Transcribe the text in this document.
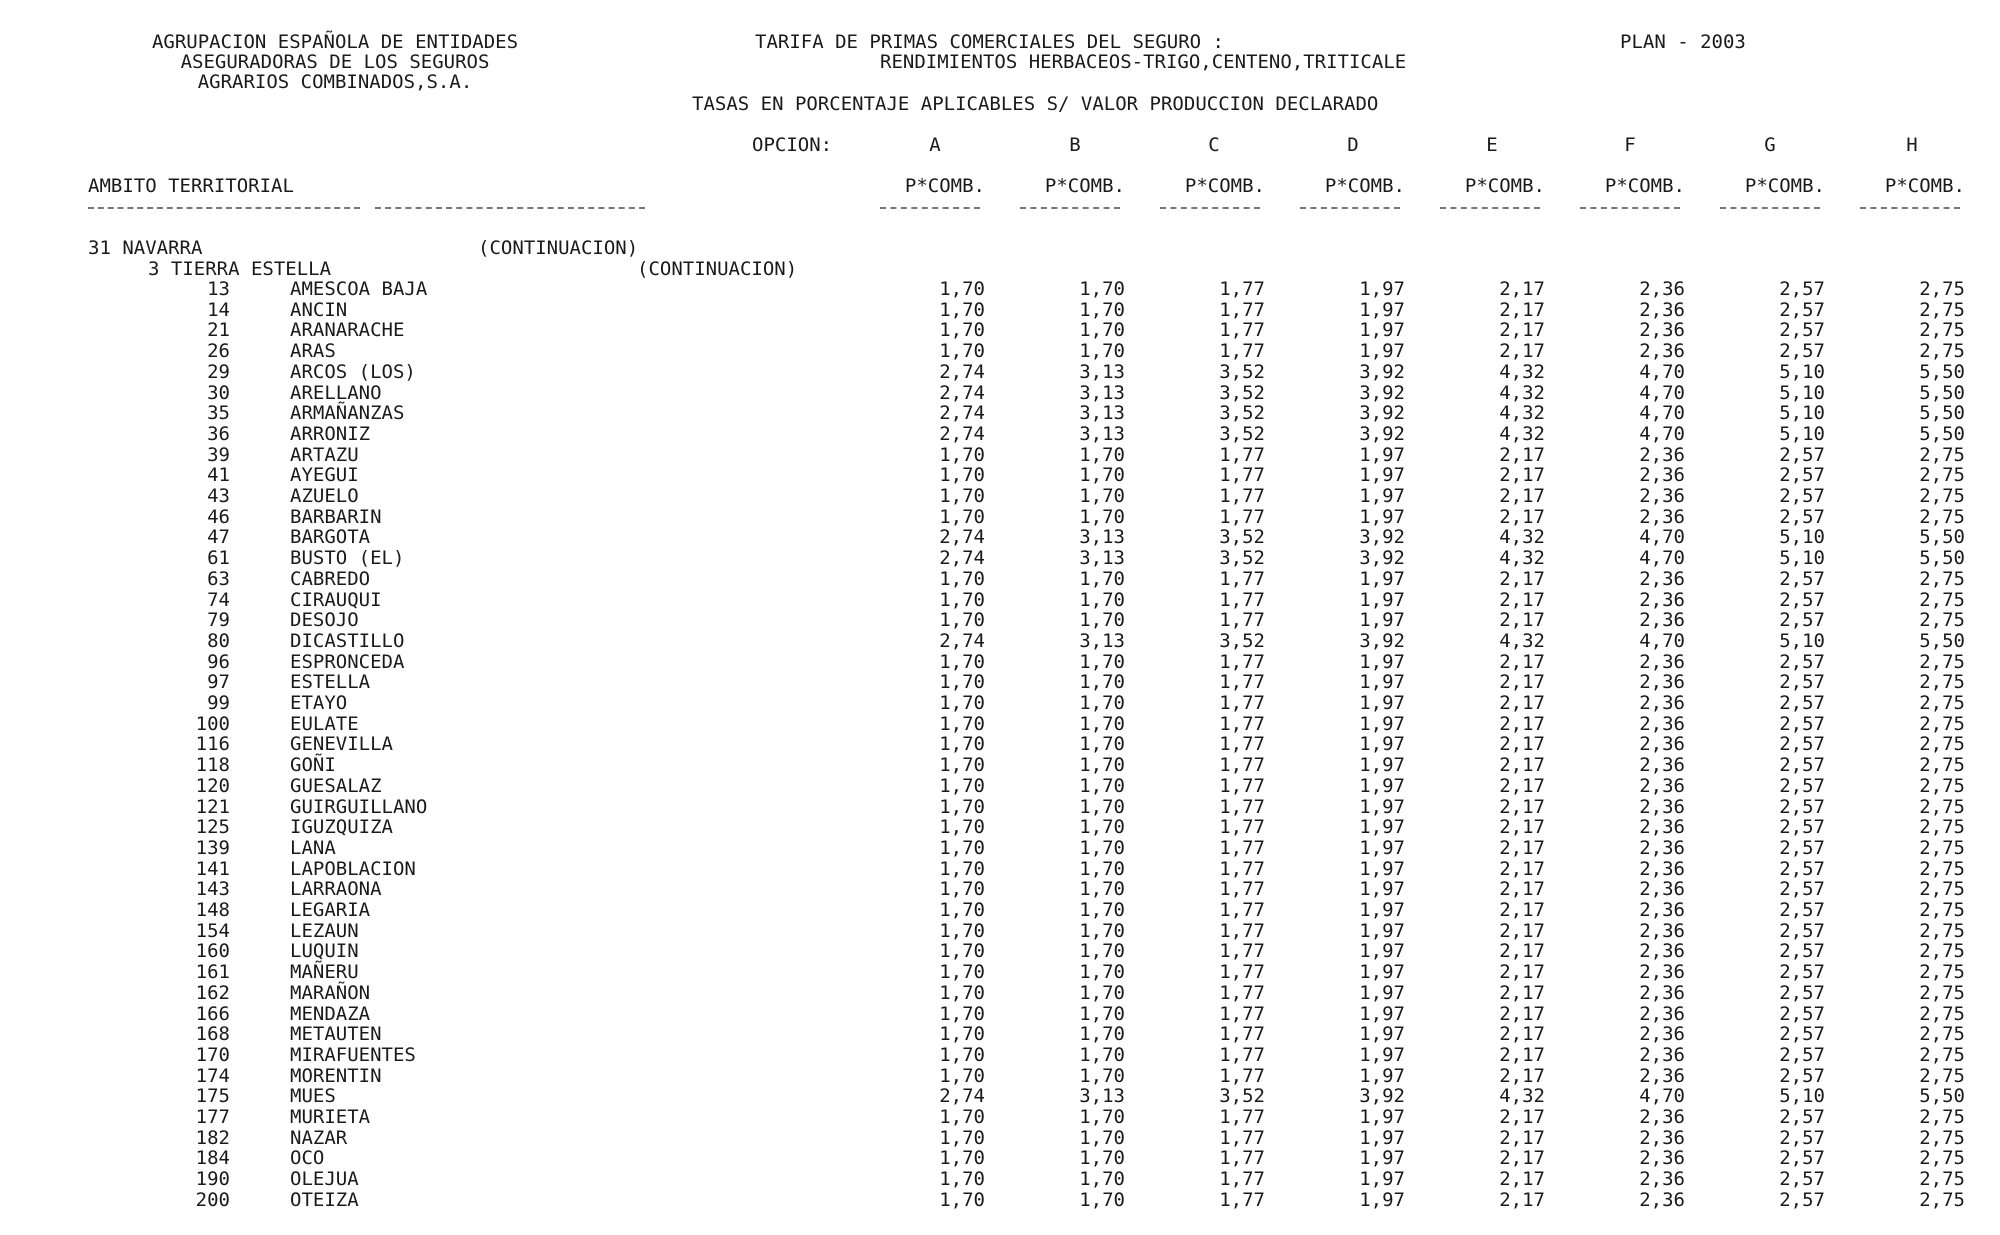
AGRUPACION ESPAÑOLA DE ENTIDADES
ASEGURADORAS DE LOS SEGUROS
AGRARIOS COMBINADOS,S.A.
TARIFA DE PRIMAS COMERCIALES DEL SEGURO :
RENDIMIENTOS HERBACEOS-TRIGO,CENTENO,TRITICALE
PLAN - 2003
TASAS EN PORCENTAJE APLICABLES S/ VALOR PRODUCCION DECLARADO
OPCION:	A	B	C	D	E	F	G	H
AMBITO TERRITORIAL	P*COMB.	P*COMB.	P*COMB.	P*COMB.	P*COMB.	P*COMB.	P*COMB.	P*COMB.
31 NAVARRA	(CONTINUACION)
3 TIERRA ESTELLA	(CONTINUACION)
13	AMESCOA BAJA	1,70	1,70	1,77	1,97	2,17	2,36	2,57	2,75
14	ANCIN	1,70	1,70	1,77	1,97	2,17	2,36	2,57	2,75
21	ARANARACHE	1,70	1,70	1,77	1,97	2,17	2,36	2,57	2,75
26	ARAS	1,70	1,70	1,77	1,97	2,17	2,36	2,57	2,75
29	ARCOS (LOS)	2,74	3,13	3,52	3,92	4,32	4,70	5,10	5,50
30	ARELLANO	2,74	3,13	3,52	3,92	4,32	4,70	5,10	5,50
35	ARMAÑANZAS	2,74	3,13	3,52	3,92	4,32	4,70	5,10	5,50
36	ARRONIZ	2,74	3,13	3,52	3,92	4,32	4,70	5,10	5,50
39	ARTAZU	1,70	1,70	1,77	1,97	2,17	2,36	2,57	2,75
41	AYEGUI	1,70	1,70	1,77	1,97	2,17	2,36	2,57	2,75
43	AZUELO	1,70	1,70	1,77	1,97	2,17	2,36	2,57	2,75
46	BARBARIN	1,70	1,70	1,77	1,97	2,17	2,36	2,57	2,75
47	BARGOTA	2,74	3,13	3,52	3,92	4,32	4,70	5,10	5,50
61	BUSTO (EL)	2,74	3,13	3,52	3,92	4,32	4,70	5,10	5,50
63	CABREDO	1,70	1,70	1,77	1,97	2,17	2,36	2,57	2,75
74	CIRAUQUI	1,70	1,70	1,77	1,97	2,17	2,36	2,57	2,75
79	DESOJO	1,70	1,70	1,77	1,97	2,17	2,36	2,57	2,75
80	DICASTILLO	2,74	3,13	3,52	3,92	4,32	4,70	5,10	5,50
96	ESPRONCEDA	1,70	1,70	1,77	1,97	2,17	2,36	2,57	2,75
97	ESTELLA	1,70	1,70	1,77	1,97	2,17	2,36	2,57	2,75
99	ETAYO	1,70	1,70	1,77	1,97	2,17	2,36	2,57	2,75
100	EULATE	1,70	1,70	1,77	1,97	2,17	2,36	2,57	2,75
116	GENEVILLA	1,70	1,70	1,77	1,97	2,17	2,36	2,57	2,75
118	GOÑI	1,70	1,70	1,77	1,97	2,17	2,36	2,57	2,75
120	GUESALAZ	1,70	1,70	1,77	1,97	2,17	2,36	2,57	2,75
121	GUIRGUILLANO	1,70	1,70	1,77	1,97	2,17	2,36	2,57	2,75
125	IGUZQUIZA	1,70	1,70	1,77	1,97	2,17	2,36	2,57	2,75
139	LANA	1,70	1,70	1,77	1,97	2,17	2,36	2,57	2,75
141	LAPOBLACION	1,70	1,70	1,77	1,97	2,17	2,36	2,57	2,75
143	LARRAONA	1,70	1,70	1,77	1,97	2,17	2,36	2,57	2,75
148	LEGARIA	1,70	1,70	1,77	1,97	2,17	2,36	2,57	2,75
154	LEZAUN	1,70	1,70	1,77	1,97	2,17	2,36	2,57	2,75
160	LUQUIN	1,70	1,70	1,77	1,97	2,17	2,36	2,57	2,75
161	MAÑERU	1,70	1,70	1,77	1,97	2,17	2,36	2,57	2,75
162	MARAÑON	1,70	1,70	1,77	1,97	2,17	2,36	2,57	2,75
166	MENDAZA	1,70	1,70	1,77	1,97	2,17	2,36	2,57	2,75
168	METAUTEN	1,70	1,70	1,77	1,97	2,17	2,36	2,57	2,75
170	MIRAFUENTES	1,70	1,70	1,77	1,97	2,17	2,36	2,57	2,75
174	MORENTIN	1,70	1,70	1,77	1,97	2,17	2,36	2,57	2,75
175	MUES	2,74	3,13	3,52	3,92	4,32	4,70	5,10	5,50
177	MURIETA	1,70	1,70	1,77	1,97	2,17	2,36	2,57	2,75
182	NAZAR	1,70	1,70	1,77	1,97	2,17	2,36	2,57	2,75
184	OCO	1,70	1,70	1,77	1,97	2,17	2,36	2,57	2,75
190	OLEJUA	1,70	1,70	1,77	1,97	2,17	2,36	2,57	2,75
200	OTEIZA	1,70	1,70	1,77	1,97	2,17	2,36	2,57	2,75
